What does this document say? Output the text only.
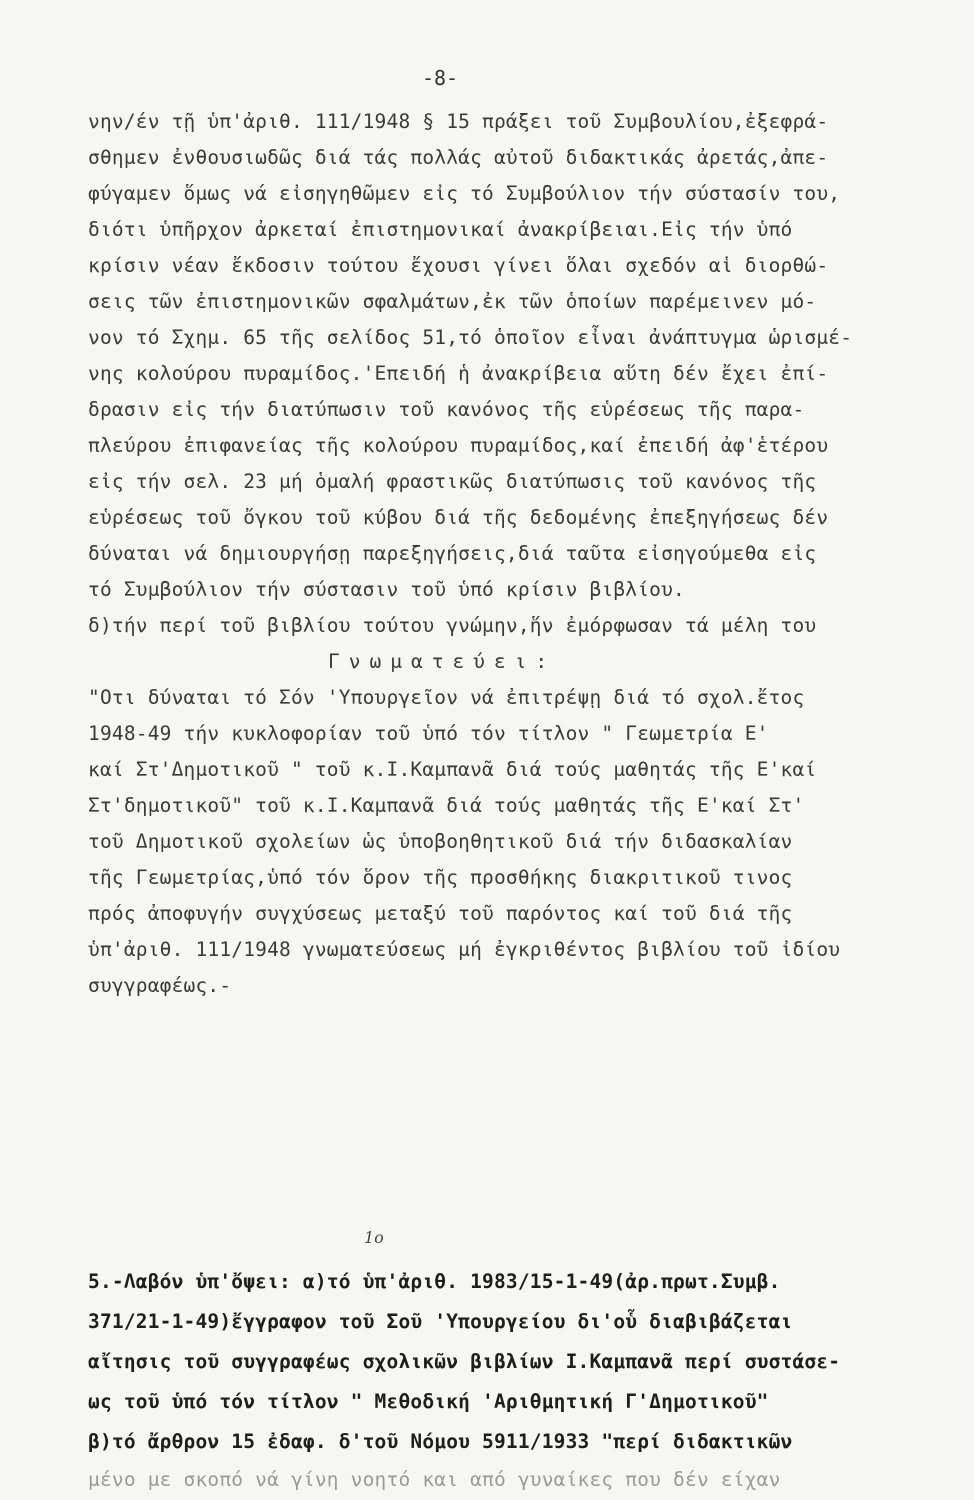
-8-
νην/έν τῇ ὑπ'ἀριθ. 111/1948 § 15 πράξει τοῦ Συμβουλίου,ἐξεφρά-
σθημεν ἐνθουσιωδῶς διά τάς πολλάς αὐτοῦ διδακτικάς ἀρετάς,ἀπε-
φύγαμεν ὅμως νά εἰσηγηθῶμεν εἰς τό Συμβούλιον τήν σύστασίν του,
διότι ὑπῆρχον ἀρκεταί ἐπιστημονικαί ἀνακρίβειαι.Εἰς τήν ὑπό
κρίσιν νέαν ἔκδοσιν τούτου ἔχουσι γίνει ὅλαι σχεδόν αἱ διορθώ-
σεις τῶν ἐπιστημονικῶν σφαλμάτων,ἐκ τῶν ὁποίων παρέμεινεν μό-
νον τό Σχημ. 65 τῆς σελίδος 51,τό ὁποῖον εἶναι ἀνάπτυγμα ὡρισμέ-
νης κολούρου πυραμίδος.'Επειδή ἡ ἀνακρίβεια αὕτη δέν ἔχει ἐπί-
δρασιν εἰς τήν διατύπωσιν τοῦ κανόνος τῆς εὑρέσεως τῆς παρα-
πλεύρου ἐπιφανείας τῆς κολούρου πυραμίδος,καί ἐπειδή ἀφ'ἑτέρου
εἰς τήν σελ. 23 μή ὁμαλή φραστικῶς διατύπωσις τοῦ κανόνος τῆς
εὑρέσεως τοῦ ὄγκου τοῦ κύβου διά τῆς δεδομένης ἐπεξηγήσεως δέν
δύναται νά δημιουργήσῃ παρεξηγήσεις,διά ταῦτα εἰσηγούμεθα εἰς
τό Συμβούλιον τήν σύστασιν τοῦ ὑπό κρίσιν βιβλίου.
δ)τήν περί τοῦ βιβλίου τούτου γνώμην,ἥν ἐμόρφωσαν τά μέλη του
Γνωματεύει:
"Οτι δύναται τό Σόν 'Υπουργεῖον νά ἐπιτρέψῃ διά τό σχολ.ἔτος
1948-49 τήν κυκλοφορίαν τοῦ ὑπό τόν τίτλον " Γεωμετρία Ε'
καί Στ'Δημοτικοῦ " τοῦ κ.Ι.Καμπανᾶ διά τούς μαθητάς τῆς Ε'καί
Στ'δημοτικοῦ" τοῦ κ.Ι.Καμπανᾶ διά τούς μαθητάς τῆς Ε'καί Στ'
τοῦ Δημοτικοῦ σχολείων ὡς ὑποβοηθητικοῦ διά τήν διδασκαλίαν
τῆς Γεωμετρίας,ὑπό τόν ὅρον τῆς προσθήκης διακριτικοῦ τινος
πρός ἀποφυγήν συγχύσεως μεταξύ τοῦ παρόντος καί τοῦ διά τῆς
ὑπ'ἀριθ. 111/1948 γνωματεύσεως μή ἐγκριθέντος βιβλίου τοῦ ἰδίου
συγγραφέως.-
1ο
5.-Λαβόν ὑπ'ὄψει: α)τό ὑπ'ἀριθ. 1983/15-1-49(ἀρ.πρωτ.Συμβ.
371/21-1-49)ἔγγραφον τοῦ Σοῦ 'Υπουργείου δι'οὗ διαβιβάζεται
αἴτησις τοῦ συγγραφέως σχολικῶν βιβλίων Ι.Καμπανᾶ περί συστάσε-
ως τοῦ ὑπό τόν τίτλον " Μεθοδική 'Αριθμητική Γ'Δημοτικοῦ"
β)τό ἄρθρον 15 ἐδαφ. δ'τοῦ Νόμου 5911/1933 "περί διδακτικῶν
μένο με σκοπό νά γίνη νοητό και από γυναίκες που δέν είχαν
